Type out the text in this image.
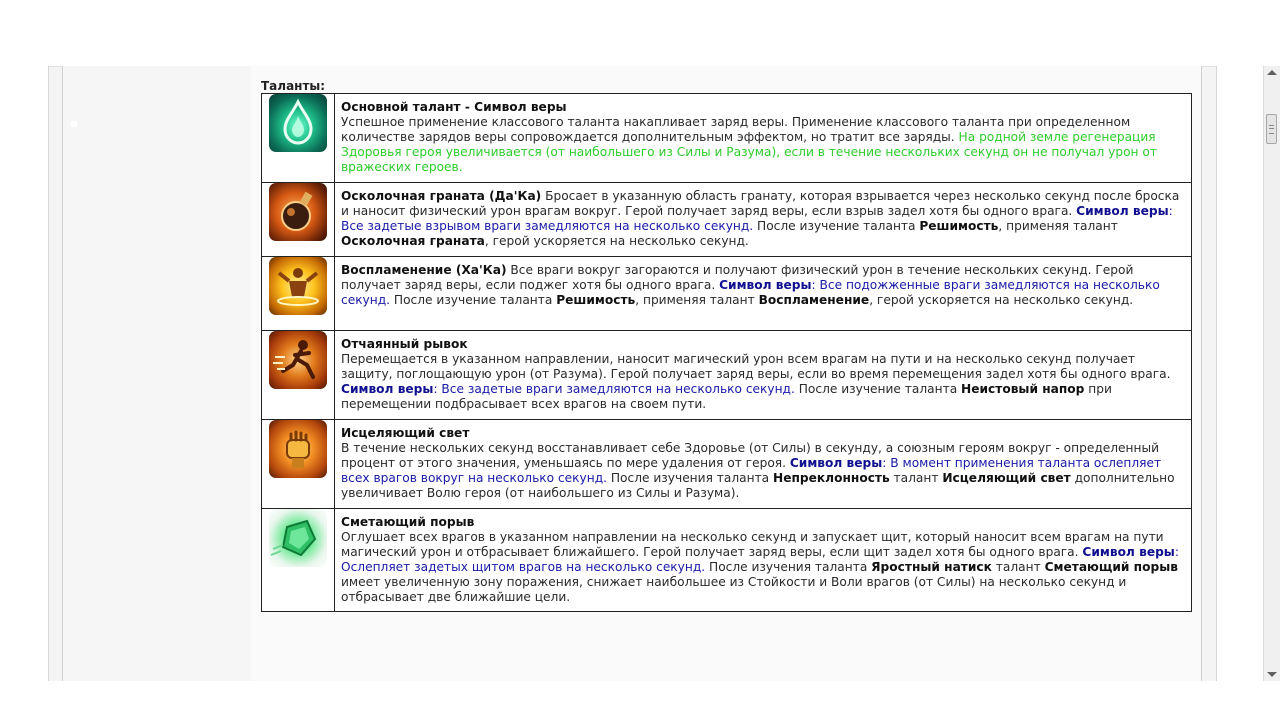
Таланты:
	Основной талант - Символ веры
Успешное применение классового таланта накапливает заряд веры. Применение классового таланта при определенном количестве зарядов веры сопровождается дополнительным эффектом, но тратит все заряды. На родной земле регенерация Здоровья героя увеличивается (от наибольшего из Силы и Разума), если в течение нескольких секунд он не получал урон от вражеских героев.

	Осколочная граната (Да'Ка) Бросает в указанную область гранату, которая взрывается через несколько секунд после броска и наносит физический урон врагам вокруг. Герой получает заряд веры, если взрыв задел хотя бы одного врага. Символ веры: Все задетые взрывом враги замедляются на несколько секунд. После изучение таланта Решимость, применяя талант Осколочная граната, герой ускоряется на несколько секунд.

	Воспламенение (Ха'Ка) Все враги вокруг загораются и получают физический урон в течение нескольких секунд. Герой получает заряд веры, если поджег хотя бы одного врага. Символ веры: Все подожженные враги замедляются на несколько секунд. После изучение таланта Решимость, применяя талант Воспламенение, герой ускоряется на несколько секунд.

	Отчаянный рывок
Перемещается в указанном направлении, наносит магический урон всем врагам на пути и на несколько секунд получает защиту, поглощающую урон (от Разума). Герой получает заряд веры, если во время перемещения задел хотя бы одного врага. Символ веры: Все задетые враги замедляются на несколько секунд. После изучение таланта Неистовый напор при перемещении подбрасывает всех врагов на своем пути.

	Исцеляющий свет
В течение нескольких секунд восстанавливает себе Здоровье (от Силы) в секунду, а союзным героям вокруг - определенный процент от этого значения, уменьшаясь по мере удаления от героя. Символ веры: В момент применения таланта ослепляет всех врагов вокруг на несколько секунд. После изучения таланта Непреклонность талант Исцеляющий свет дополнительно увеличивает Волю героя (от наибольшего из Силы и Разума).

	Сметающий порыв
Оглушает всех врагов в указанном направлении на несколько секунд и запускает щит, который наносит всем врагам на пути магический урон и отбрасывает ближайшего. Герой получает заряд веры, если щит задел хотя бы одного врага. Символ веры: Ослепляет задетых щитом врагов на несколько секунд. После изучения таланта Яростный натиск талант Сметающий порыв имеет увеличенную зону поражения, снижает наибольшее из Стойкости и Воли врагов (от Силы) на несколько секунд и отбрасывает две ближайшие цели.
